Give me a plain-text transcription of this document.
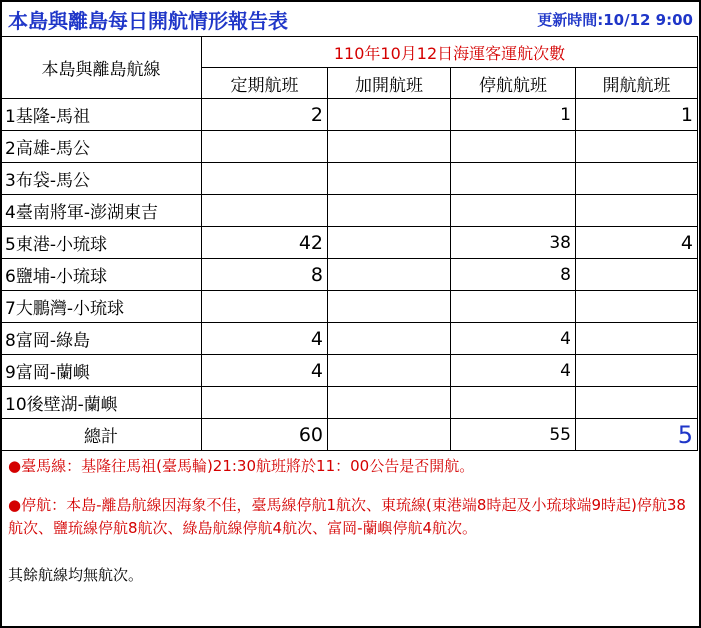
本島與離島每日開航情形報告表	更新時間:10/12 9:00
本島與離島航線	110年10月12日海運客運航次數			
	定期航班	加開航班	停航航班	開航航班
1基隆-馬祖	2		1	1
2高雄-馬公				
3布袋-馬公				
4臺南將軍-澎湖東吉				
5東港-小琉球	42		38	4
6鹽埔-小琉球	8		8	
7大鵬灣-小琉球				
8富岡-綠島	4		4	
9富岡-蘭嶼	4		4	
10後壁湖-蘭嶼				
總計	60		55	5
●臺馬線：基隆往馬祖(臺馬輪)21:30航班將於11：00公告是否開航。
●停航：本島-離島航線因海象不佳，臺馬線停航1航次、東琉線(東港端8時起及小琉球端9時起)停航38航次、鹽琉線停航8航次、綠島航線停航4航次、富岡-蘭嶼停航4航次。
其餘航線均無航次。
